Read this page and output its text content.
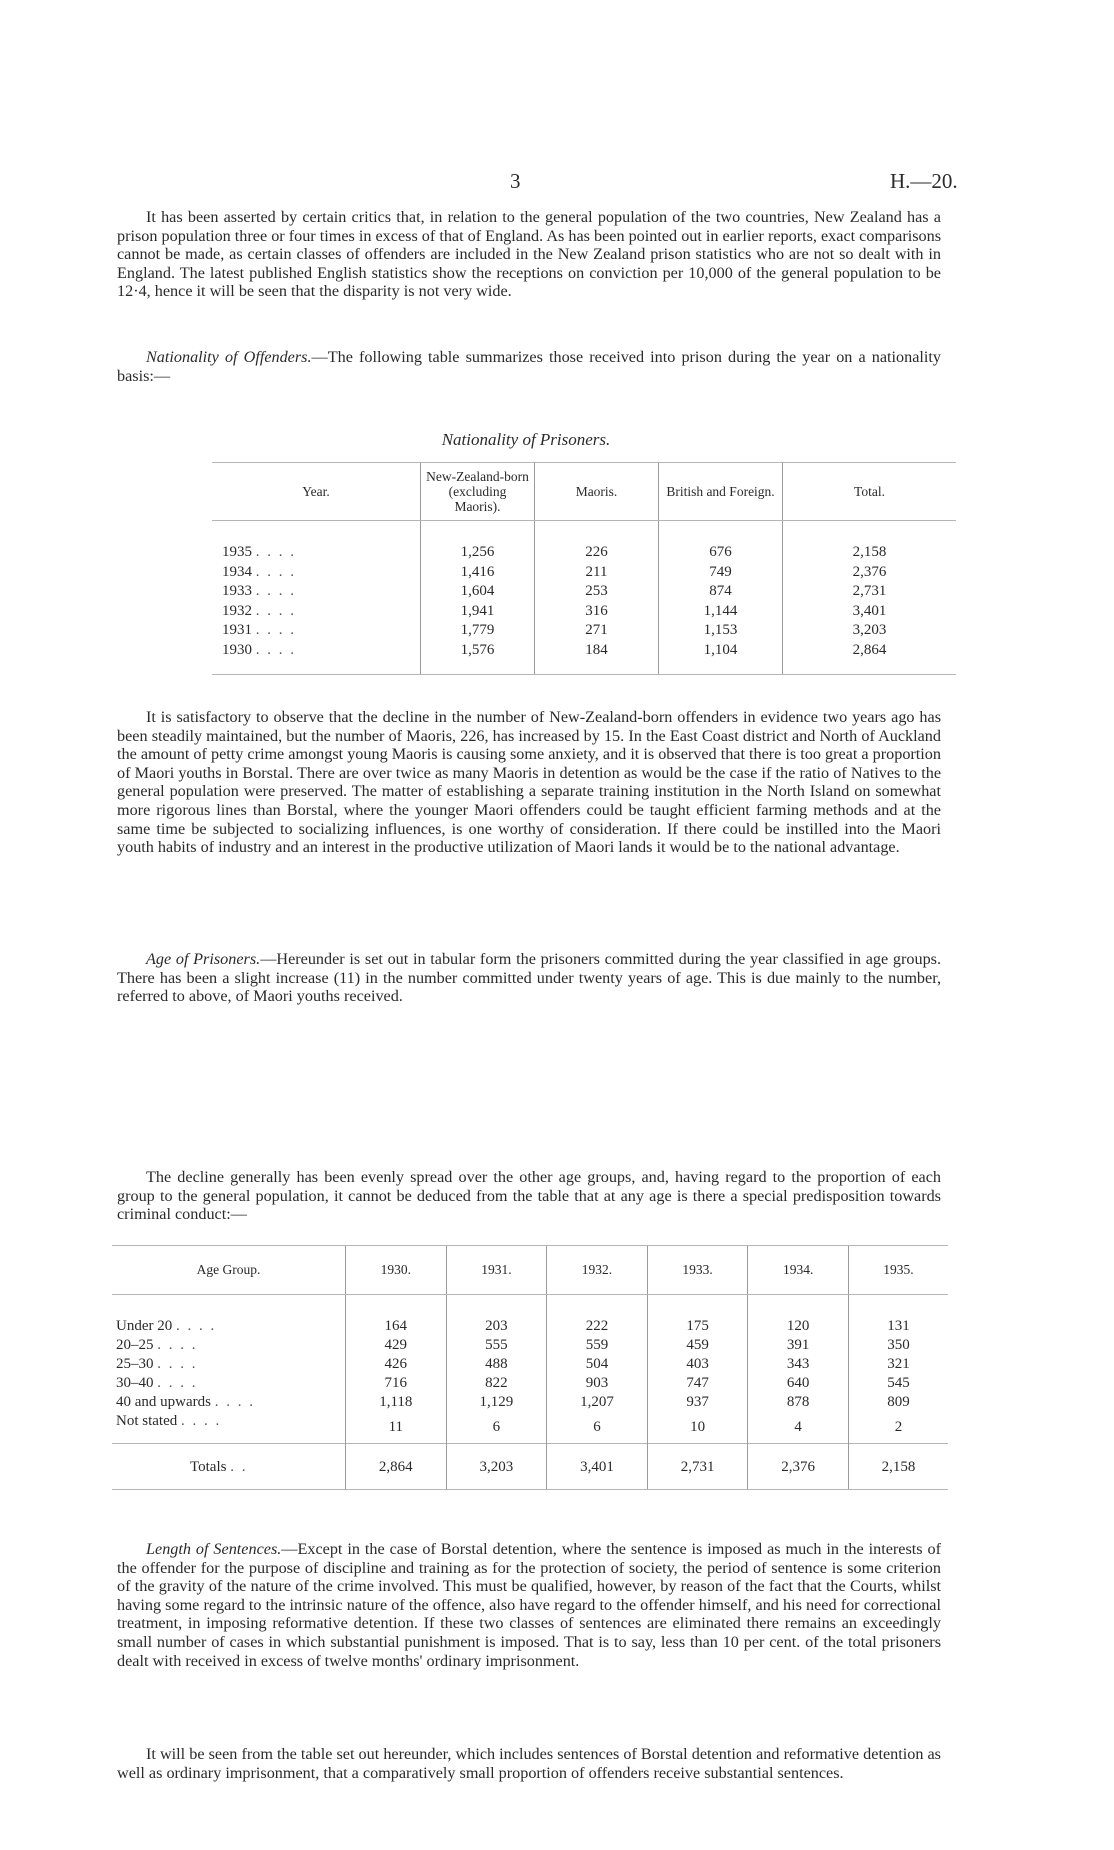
3	H.—20.

It has been asserted by certain critics that, in relation to the general population of the two countries, New Zealand has a prison population three or four times in excess of that of England. As has been pointed out in earlier reports, exact comparisons cannot be made, as certain classes of offenders are included in the New Zealand prison statistics who are not so dealt with in England. The latest published English statistics show the receptions on conviction per 10,000 of the general population to be 12·4, hence it will be seen that the disparity is not very wide.

Nationality of Offenders.—The following table summarizes those received into prison during the year on a nationality basis:—

Nationality of Prisoners.
Year.	New-Zealand-born (excluding Maoris).	Maoris.	British and Foreign.	Total.
1935 . . . .	1,256	226	676	2,158
1934 . . . .	1,416	211	749	2,376
1933 . . . .	1,604	253	874	2,731
1932 . . . .	1,941	316	1,144	3,401
1931 . . . .	1,779	271	1,153	3,203
1930 . . . .	1,576	184	1,104	2,864

It is satisfactory to observe that the decline in the number of New-Zealand-born offenders in evidence two years ago has been steadily maintained, but the number of Maoris, 226, has increased by 15. In the East Coast district and North of Auckland the amount of petty crime amongst young Maoris is causing some anxiety, and it is observed that there is too great a proportion of Maori youths in Borstal. There are over twice as many Maoris in detention as would be the case if the ratio of Natives to the general population were preserved. The matter of establishing a separate training institution in the North Island on somewhat more rigorous lines than Borstal, where the younger Maori offenders could be taught efficient farming methods and at the same time be subjected to socializing influences, is one worthy of consideration. If there could be instilled into the Maori youth habits of industry and an interest in the productive utilization of Maori lands it would be to the national advantage.

Age of Prisoners.—Hereunder is set out in tabular form the prisoners committed during the year classified in age groups. There has been a slight increase (11) in the number committed under twenty years of age. This is due mainly to the number, referred to above, of Maori youths received.

The decline generally has been evenly spread over the other age groups, and, having regard to the proportion of each group to the general population, it cannot be deduced from the table that at any age is there a special predisposition towards criminal conduct:—

Age Group.	1930.	1931.	1932.	1933.	1934.	1935.
Under 20 . . . .	164	203	222	175	120	131
20–25 . . . .	429	555	559	459	391	350
25–30 . . . .	426	488	504	403	343	321
30–40 . . . .	716	822	903	747	640	545
40 and upwards . . . .	1,118	1,129	1,207	937	878	809
Not stated . . . .	11	6	6	10	4	2
Totals . .	2,864	3,203	3,401	2,731	2,376	2,158

Length of Sentences.—Except in the case of Borstal detention, where the sentence is imposed as much in the interests of the offender for the purpose of discipline and training as for the protection of society, the period of sentence is some criterion of the gravity of the nature of the crime involved. This must be qualified, however, by reason of the fact that the Courts, whilst having some regard to the intrinsic nature of the offence, also have regard to the offender himself, and his need for correctional treatment, in imposing reformative detention. If these two classes of sentences are eliminated there remains an exceedingly small number of cases in which substantial punishment is imposed. That is to say, less than 10 per cent. of the total prisoners dealt with received in excess of twelve months' ordinary imprisonment.

It will be seen from the table set out hereunder, which includes sentences of Borstal detention and reformative detention as well as ordinary imprisonment, that a comparatively small proportion of offenders receive substantial sentences.
